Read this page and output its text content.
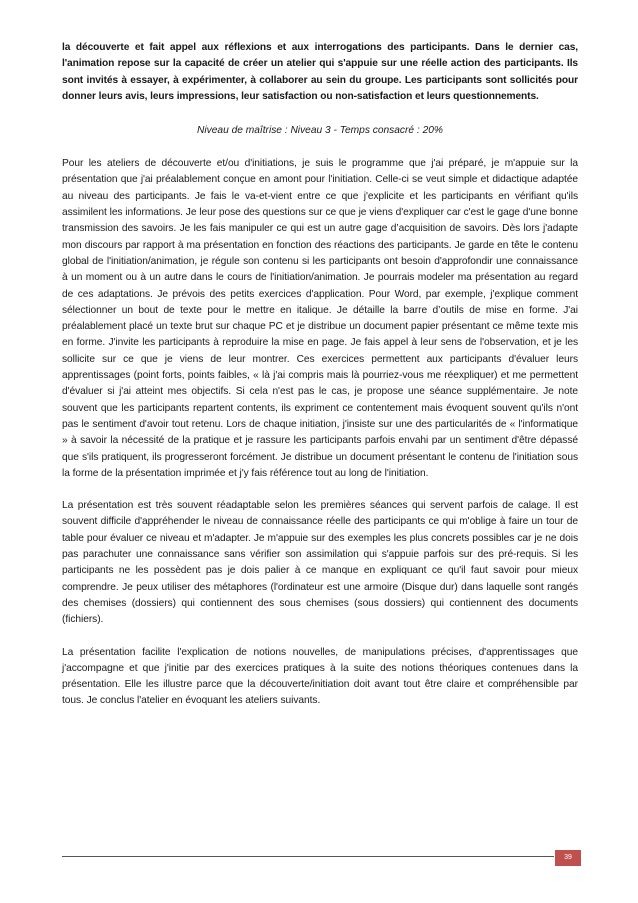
la découverte et fait appel aux réflexions et aux interrogations des participants. Dans le dernier cas, l'animation repose sur la capacité de créer un atelier qui s'appuie sur une réelle action des participants. Ils sont invités à essayer, à expérimenter, à collaborer au sein du groupe. Les participants sont sollicités pour donner leurs avis, leurs impressions, leur satisfaction ou non-satisfaction et leurs questionnements.

Niveau de maîtrise : Niveau 3 - Temps consacré : 20%

Pour les ateliers de découverte et/ou d'initiations, je suis le programme que j'ai préparé, je m'appuie sur la présentation que j'ai préalablement conçue en amont pour l'initiation. Celle-ci se veut simple et didactique adaptée au niveau des participants. Je fais le va-et-vient entre ce que j'explicite et les participants en vérifiant qu'ils assimilent les informations. Je leur pose des questions sur ce que je viens d'expliquer car c'est le gage d'une bonne transmission des savoirs. Je les fais manipuler ce qui est un autre gage d’acquisition de savoirs. Dès lors j'adapte mon discours par rapport à ma présentation en fonction des réactions des participants. Je garde en tête le contenu global de l'initiation/animation, je régule son contenu si les participants ont besoin d'approfondir une connaissance à un moment ou à un autre dans le cours de l'initiation/animation. Je pourrais modeler ma présentation au regard de ces adaptations. Je prévois des petits exercices d'application. Pour Word, par exemple, j'explique comment sélectionner un bout de texte pour le mettre en italique. Je détaille la barre d’outils de mise en forme. J'ai préalablement placé un texte brut sur chaque PC et je distribue un document papier présentant ce même texte mis en forme. J'invite les participants à reproduire la mise en page. Je fais appel à leur sens de l'observation, et je les sollicite sur ce que je viens de leur montrer. Ces exercices permettent aux participants d'évaluer leurs apprentissages (point forts, points faibles, « là j'ai compris mais là pourriez-vous me réexpliquer) et me permettent d'évaluer si j'ai atteint mes objectifs. Si cela n'est pas le cas, je propose une séance supplémentaire. Je note souvent que les participants repartent contents, ils expriment ce contentement mais évoquent souvent qu'ils n'ont pas le sentiment d'avoir tout retenu. Lors de chaque initiation, j'insiste sur une des particularités de « l'informatique » à savoir la nécessité de la pratique et je rassure les participants parfois envahi par un sentiment d'être dépassé que s'ils pratiquent, ils progresseront forcément. Je distribue un document présentant le contenu de l'initiation sous la forme de la présentation imprimée et j'y fais référence tout au long de l'initiation.

La présentation est très souvent réadaptable selon les premières séances qui servent parfois de calage. Il est souvent difficile d'appréhender le niveau de connaissance réelle des participants ce qui m'oblige à faire un tour de table pour évaluer ce niveau et m'adapter. Je m'appuie sur des exemples les plus concrets possibles car je ne dois pas parachuter une connaissance sans vérifier son assimilation qui s'appuie parfois sur des pré-requis. Si les participants ne les possèdent pas je dois palier à ce manque en expliquant ce qu'il faut savoir pour mieux comprendre. Je peux utiliser des métaphores (l'ordinateur est une armoire (Disque dur) dans laquelle sont rangés des chemises (dossiers) qui contiennent des sous chemises (sous dossiers) qui contiennent des documents (fichiers).

La présentation facilite l'explication de notions nouvelles, de manipulations précises, d'apprentissages que j'accompagne et que j'initie par des exercices pratiques à la suite des notions théoriques contenues dans la présentation. Elle les illustre parce que la découverte/initiation doit avant tout être claire et compréhensible par tous. Je conclus l'atelier en évoquant les ateliers suivants.

39
